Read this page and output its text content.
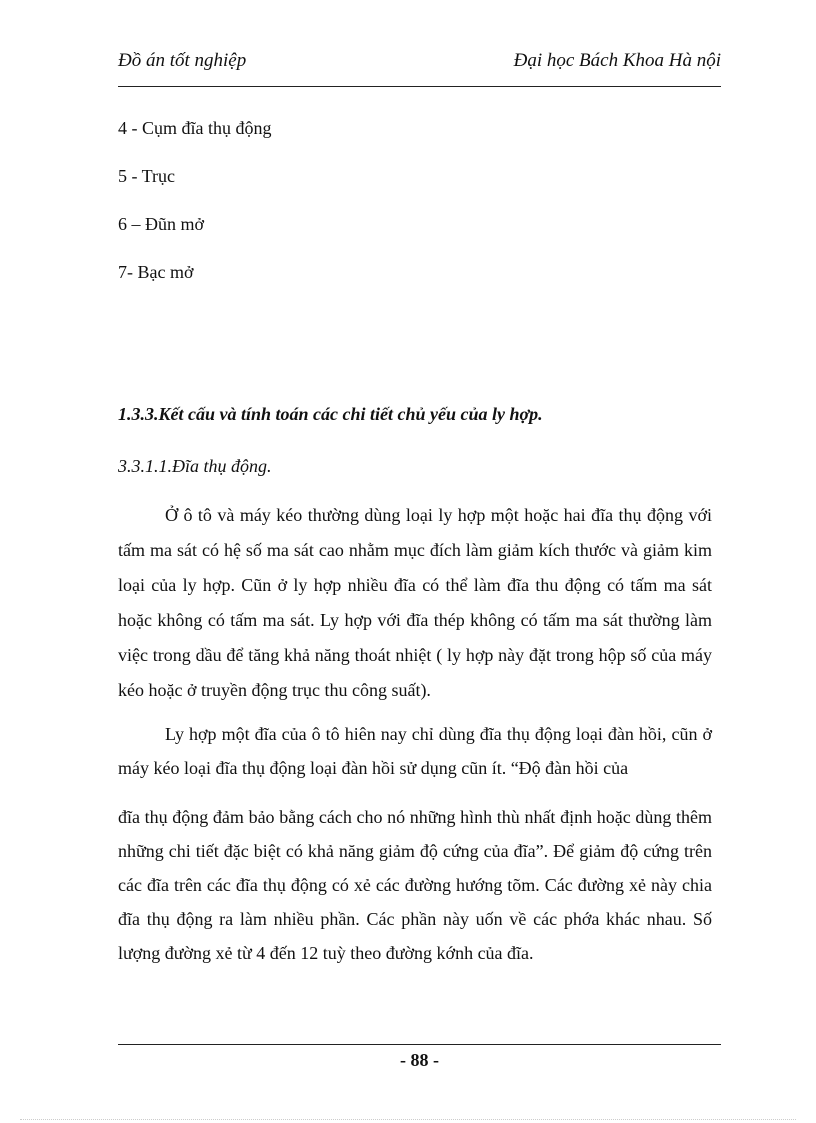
Đồ án tốt nghiệp	Đại học Bách Khoa Hà nội
4 - Cụm đĩa thụ động
5 - Trục
6 – Đũn mở
7- Bạc mở
1.3.3.Kết cấu và tính toán các chi tiết chủ yếu của ly hợp.
3.3.1.1.Đĩa thụ động.
Ở ô tô và máy kéo thường dùng loại ly hợp một hoặc hai đĩa thụ động với tấm ma sát có hệ số ma sát cao nhằm mục đích làm giảm kích thước và giảm kim loại của ly hợp. Cũn ở ly hợp nhiều đĩa có thể làm đĩa thu động có tấm ma sát hoặc không có tấm ma sát. Ly hợp với đĩa thép không có tấm ma sát thường làm việc trong dầu để tăng khả năng thoát nhiệt ( ly hợp này đặt trong hộp số của máy kéo hoặc ở truyền động trục thu công suất).
Ly hợp một đĩa của ô tô hiên nay chỉ dùng đĩa thụ động loại đàn hồi, cũn ở máy kéo loại đĩa thụ động loại đàn hồi sử dụng cũn ít. “Độ đàn hồi của
đĩa thụ động đảm bảo bằng cách cho nó những hình thù nhất định hoặc dùng thêm những chi tiết đặc biệt có khả năng giảm độ cứng của đĩa”. Để giảm độ cứng trên các đĩa trên các đĩa thụ động có xẻ các đường hướng tõm. Các đường xẻ này chia đĩa thụ động ra làm nhiều phần. Các phần này uốn về các phớa khác nhau. Số lượng đường xẻ từ 4 đến 12 tuỳ theo đường kớnh của đĩa.
- 88 -
